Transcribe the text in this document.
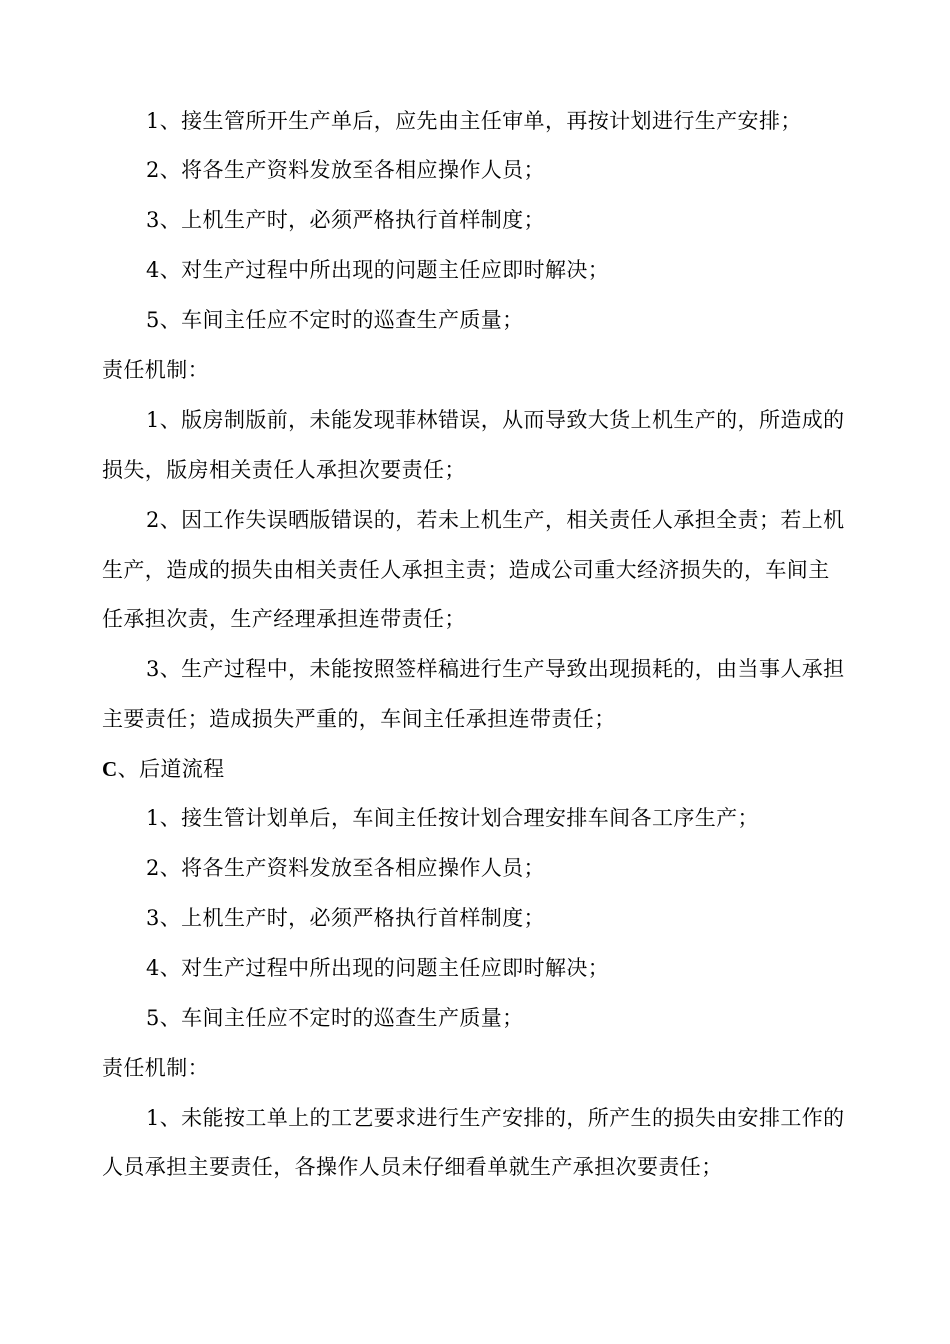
1、接生管所开生产单后，应先由主任审单，再按计划进行生产安排；
2、将各生产资料发放至各相应操作人员；
3、上机生产时，必须严格执行首样制度；
4、对生产过程中所出现的问题主任应即时解决；
5、车间主任应不定时的巡查生产质量；
责任机制：
1、版房制版前，未能发现菲林错误，从而导致大货上机生产的，所造成的
损失，版房相关责任人承担次要责任；
2、因工作失误晒版错误的，若未上机生产，相关责任人承担全责；若上机
生产，造成的损失由相关责任人承担主责；造成公司重大经济损失的，车间主
任承担次责，生产经理承担连带责任；
3、生产过程中，未能按照签样稿进行生产导致出现损耗的，由当事人承担
主要责任；造成损失严重的，车间主任承担连带责任；
C、后道流程
1、接生管计划单后，车间主任按计划合理安排车间各工序生产；
2、将各生产资料发放至各相应操作人员；
3、上机生产时，必须严格执行首样制度；
4、对生产过程中所出现的问题主任应即时解决；
5、车间主任应不定时的巡查生产质量；
责任机制：
1、未能按工单上的工艺要求进行生产安排的，所产生的损失由安排工作的
人员承担主要责任，各操作人员未仔细看单就生产承担次要责任；
